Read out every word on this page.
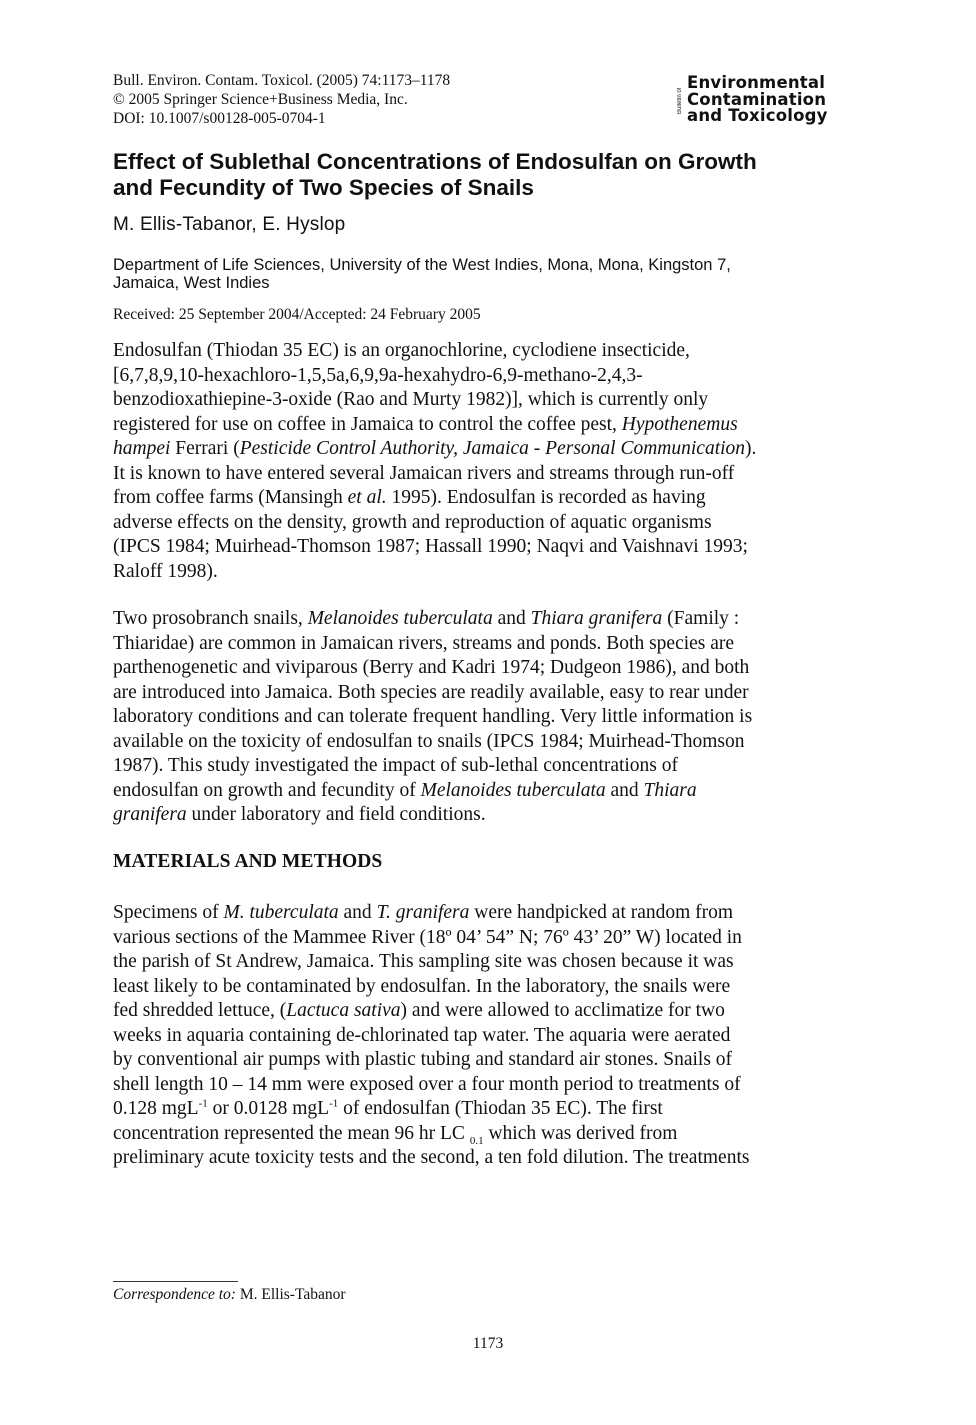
Bull. Environ. Contam. Toxicol. (2005) 74:1173–1178
© 2005 Springer Science+Business Media, Inc.
DOI: 10.1007/s00128-005-0704-1
Bulletin of
Environmental
Contamination
and Toxicology
Effect of Sublethal Concentrations of Endosulfan on Growth
and Fecundity of Two Species of Snails
M. Ellis-Tabanor, E. Hyslop
Department of Life Sciences, University of the West Indies, Mona, Mona, Kingston 7,
Jamaica, West Indies
Received: 25 September 2004/Accepted: 24 February 2005
Endosulfan (Thiodan 35 EC) is an organochlorine, cyclodiene insecticide,
[6,7,8,9,10-hexachloro-1,5,5a,6,9,9a-hexahydro-6,9-methano-2,4,3-
benzodioxathiepine-3-oxide (Rao and Murty 1982)], which is currently only
registered for use on coffee in Jamaica to control the coffee pest, Hypothenemus
hampei Ferrari (Pesticide Control Authority, Jamaica - Personal Communication).
It is known to have entered several Jamaican rivers and streams through run-off
from coffee farms (Mansingh et al. 1995). Endosulfan is recorded as having
adverse effects on the density, growth and reproduction of aquatic organisms
(IPCS 1984; Muirhead-Thomson 1987; Hassall 1990; Naqvi and Vaishnavi 1993;
Raloff 1998).
Two prosobranch snails, Melanoides tuberculata and Thiara granifera (Family :
Thiaridae) are common in Jamaican rivers, streams and ponds. Both species are
parthenogenetic and viviparous (Berry and Kadri 1974; Dudgeon 1986), and both
are introduced into Jamaica. Both species are readily available, easy to rear under
laboratory conditions and can tolerate frequent handling. Very little information is
available on the toxicity of endosulfan to snails (IPCS 1984; Muirhead-Thomson
1987). This study investigated the impact of sub-lethal concentrations of
endosulfan on growth and fecundity of Melanoides tuberculata and Thiara
granifera under laboratory and field conditions.
MATERIALS AND METHODS
Specimens of M. tuberculata and T. granifera were handpicked at random from
various sections of the Mammee River (18º 04’ 54” N; 76º 43’ 20” W) located in
the parish of St Andrew, Jamaica. This sampling site was chosen because it was
least likely to be contaminated by endosulfan. In the laboratory, the snails were
fed shredded lettuce, (Lactuca sativa) and were allowed to acclimatize for two
weeks in aquaria containing de-chlorinated tap water. The aquaria were aerated
by conventional air pumps with plastic tubing and standard air stones. Snails of
shell length 10 – 14 mm were exposed over a four month period to treatments of
0.128 mgL$^{-1}$ or 0.0128 mgL$^{-1}$ of endosulfan (Thiodan 35 EC). The first
concentration represented the mean 96 hr LC $_{0.1}$ which was derived from
preliminary acute toxicity tests and the second, a ten fold dilution. The treatments
Correspondence to: M. Ellis-Tabanor
1173
